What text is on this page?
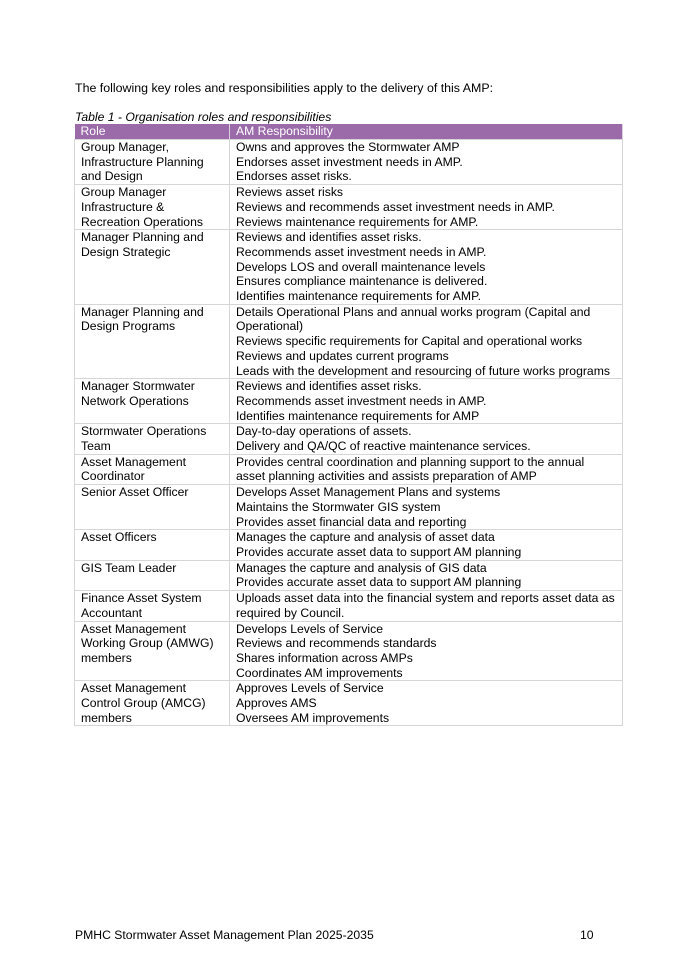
The following key roles and responsibilities apply to the delivery of this AMP:
Table 1 - Organisation roles and responsibilities
Role	AM Responsibility
Group Manager, Infrastructure Planning and Design	Owns and approves the Stormwater AMP
Endorses asset investment needs in AMP.
Endorses asset risks.

Group Manager Infrastructure & Recreation Operations	Reviews asset risks
Reviews and recommends asset investment needs in AMP.
Reviews maintenance requirements for AMP.

Manager Planning and Design Strategic	Reviews and identifies asset risks.
Recommends asset investment needs in AMP.
Develops LOS and overall maintenance levels
Ensures compliance maintenance is delivered.
Identifies maintenance requirements for AMP.

Manager Planning and Design Programs	Details Operational Plans and annual works program (Capital and Operational)
Reviews specific requirements for Capital and operational works
Reviews and updates current programs
Leads with the development and resourcing of future works programs

Manager Stormwater Network Operations	Reviews and identifies asset risks.
Recommends asset investment needs in AMP.
Identifies maintenance requirements for AMP

Stormwater Operations Team	Day-to-day operations of assets.
Delivery and QA/QC of reactive maintenance services.

Asset Management Coordinator	Provides central coordination and planning support to the annual asset planning activities and assists preparation of AMP

Senior Asset Officer	Develops Asset Management Plans and systems
Maintains the Stormwater GIS system
Provides asset financial data and reporting

Asset Officers	Manages the capture and analysis of asset data
Provides accurate asset data to support AM planning

GIS Team Leader	Manages the capture and analysis of GIS data
Provides accurate asset data to support AM planning

Finance Asset System Accountant	Uploads asset data into the financial system and reports asset data as required by Council.

Asset Management Working Group (AMWG) members	Develops Levels of Service
Reviews and recommends standards
Shares information across AMPs
Coordinates AM improvements

Asset Management Control Group (AMCG) members	Approves Levels of Service
Approves AMS
Oversees AM improvements
PMHC Stormwater Asset Management Plan 2025-2035	10
